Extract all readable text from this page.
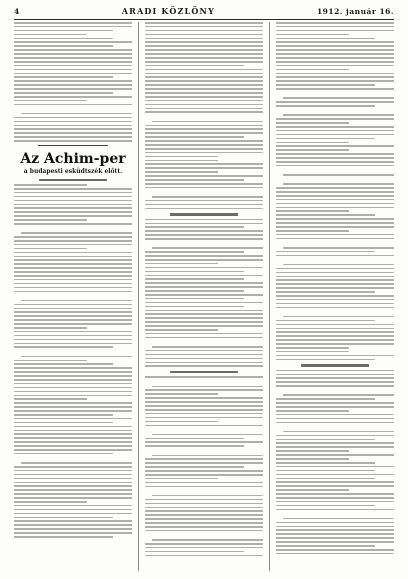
4	ARADI KÖZLÖNY	1912. január 16.
Az Achim-per
a budapesti esküdtszék előtt.
